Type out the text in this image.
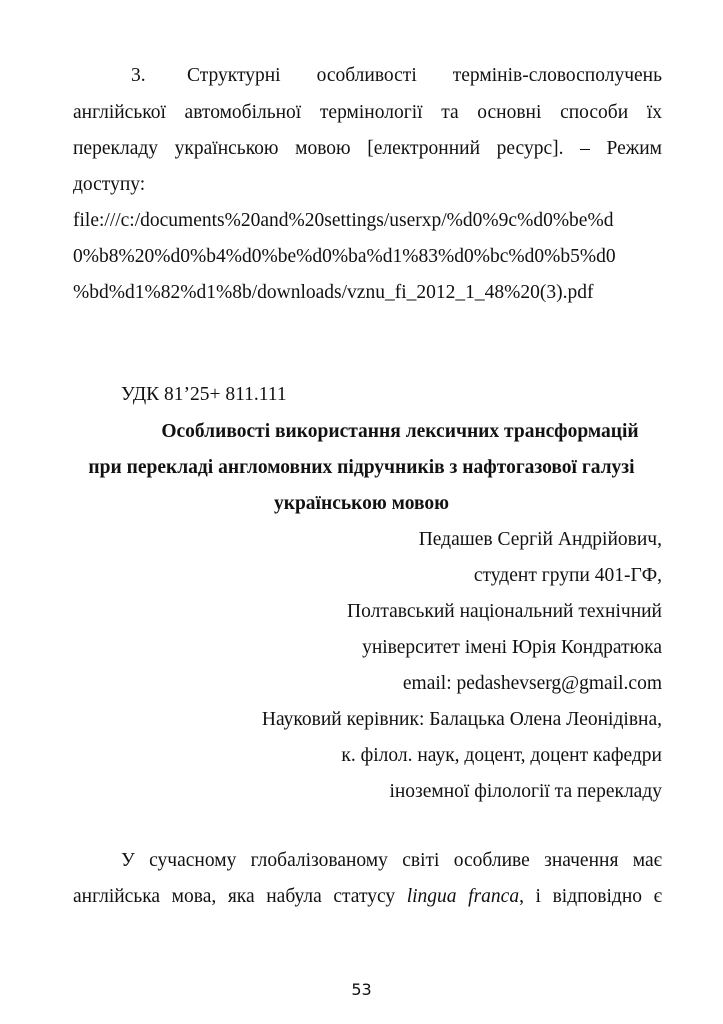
3. Структурні особливості термінів-словосполучень
англійської автомобільної термінології та основні способи їх
перекладу українською мовою [електронний ресурс]. – Режим
доступу:
file:///c:/documents%20and%20settings/userxp/%d0%9c%d0%be%d
0%b8%20%d0%b4%d0%be%d0%ba%d1%83%d0%bc%d0%b5%d0
%bd%d1%82%d1%8b/downloads/vznu_fi_2012_1_48%20(3).pdf
УДК 81’25+ 811.111
Особливості використання лексичних трансформацій
при перекладі англомовних підручників з нафтогазової галузі
українською мовою
Педашев Сергій Андрійович,
студент групи 401-ГФ,
Полтавський національний технічний
університет імені Юрія Кондратюка
email: pedashevserg@gmail.com
Науковий керівник: Балацька Олена Леонідівна,
к. філол. наук, доцент, доцент кафедри
іноземної філології та перекладу
У сучасному глобалізованому світі особливе значення має
англійська мова, яка набула статусу lingua franca, і відповідно є
53
